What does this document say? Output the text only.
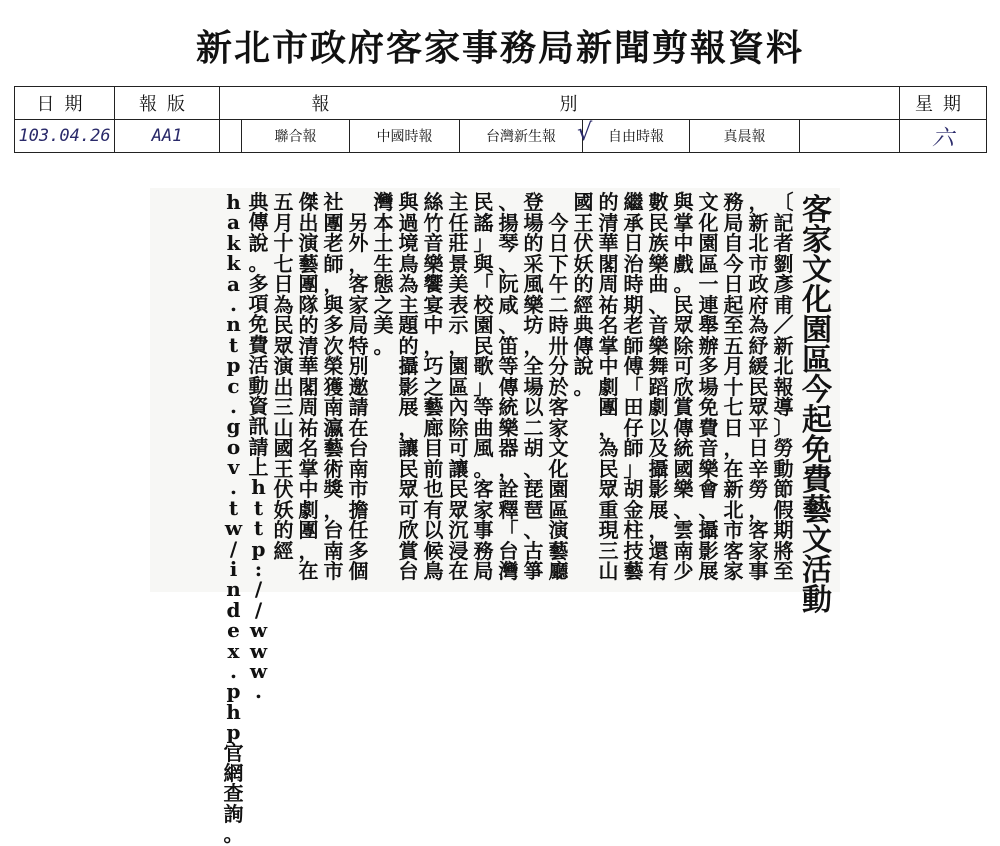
新北市政府客家事務局新聞剪報資料
日期	報版	報別							星期
103.04.26	AA1		聯合報	中國時報	台灣新生報	√ 自由時報	真晨報		六
客
家
文
化
園
區
今
起
免
費
藝
文
活
動
〔
記
者
劉
彥
甫
／
新
北
報
導
〕
勞
動
節
假
期
將
至
，
新
北
市
政
府
為
紓
緩
民
眾
平
日
辛
勞
，
客
家
事
務
局
自
今
日
起
至
五
月
十
七
日
，
在
新
北
市
客
家
文
化
園
區
一
連
舉
辦
多
場
免
費
音
樂
會
、
攝
影
展
與
掌
中
戲
。
民
眾
除
可
欣
賞
傳
統
國
樂
、
雲
南
少
數
民
族
樂
曲
、
音
樂
舞
蹈
劇
以
及
攝
影
展
，
還
有
繼
承
日
治
時
期
老
師
傅
「
田
仔
師
」
胡
金
柱
技
藝
的
清
華
閣
周
祐
名
掌
中
劇
團
，
為
民
眾
重
現
三
山
國
王
伏
妖
的
經
典
傳
說
。

今
日
下
午
二
時
卅
分
於
客
家
文
化
園
區
演
藝
廳
登
場
的
采
風
樂
坊
，
全
場
以
二
胡
、
琵
琶
、
古
箏
、
揚
琴
、
阮
咸
、
笛
等
傳
統
樂
器
，
詮
釋
「
台
灣
民
謠
」
與
「
校
園
民
歌
」
等
曲
風
。
客
家
事
務
局
主
任
莊
景
美
表
示
，
園
區
內
除
可
讓
民
眾
沉
浸
在
絲
竹
音
樂
饗
宴
中
，
巧
之
藝
廊
目
前
也
有
以
候
鳥
與
過
境
鳥
為
主
題
的
攝
影
展
，
讓
民
眾
可
欣
賞
台
灣
本
土
生
態
之
美
。

另
外
，
客
家
局
特
別
邀
請
在
台
南
市
擔
任
多
個
社
團
老
師
，
與
多
次
榮
獲
南
瀛
藝
術
獎
，
台
南
市
傑
出
演
藝
團
隊
的
清
華
閣
周
祐
名
掌
中
劇
團
，
在
五
月
十
七
日
為
民
眾
演
出
三
山
國
王
伏
妖
的
經
典
傳
說
。
多
項
免
費
活
動
資
訊
請
上
h
t
t
p
:
/
/
w
w
w
.
h
a
k
k
a
.
n
t
p
c
.
g
o
v
.
t
w
/
i
n
d
e
x
.
p
h
p
官
網
查
詢
。
